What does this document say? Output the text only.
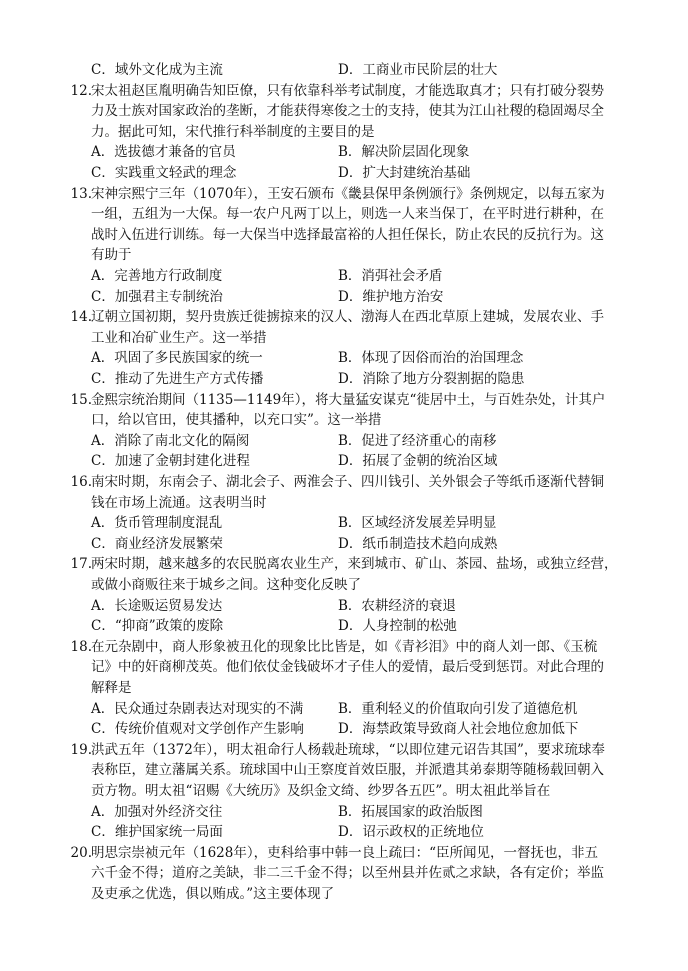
C．域外文化成为主流	D．工商业市民阶层的壮大
12. 宋太祖赵匡胤明确告知臣僚，只有依靠科举考试制度，才能选取真才；只有打破分裂势
力及士族对国家政治的垄断，才能获得寒俊之士的支持，使其为江山社稷的稳固竭尽全
力。据此可知，宋代推行科举制度的主要目的是
A．选拔德才兼备的官员	B．解决阶层固化现象
C．实践重文轻武的理念	D．扩大封建统治基础
13. 宋神宗熙宁三年（1070年），王安石颁布《畿县保甲条例颁行》条例规定，以每五家为
一组，五组为一大保。每一农户凡两丁以上，则选一人来当保丁，在平时进行耕种，在
战时入伍进行训练。每一大保当中选择最富裕的人担任保长，防止农民的反抗行为。这
有助于
A．完善地方行政制度	B．消弭社会矛盾
C．加强君主专制统治	D．维护地方治安
14. 辽朝立国初期，契丹贵族迁徙掳掠来的汉人、渤海人在西北草原上建城，发展农业、手
工业和冶矿业生产。这一举措
A．巩固了多民族国家的统一	B．体现了因俗而治的治国理念
C．推动了先进生产方式传播	D．消除了地方分裂割据的隐患
15. 金熙宗统治期间（1135—1149年），将大量猛安谋克“徙居中土，与百姓杂处，计其户
口，给以官田，使其播种，以充口实”。这一举措
A．消除了南北文化的隔阂	B．促进了经济重心的南移
C．加速了金朝封建化进程	D．拓展了金朝的统治区域
16. 南宋时期，东南会子、湖北会子、两淮会子、四川钱引、关外银会子等纸币逐渐代替铜
钱在市场上流通。这表明当时
A．货币管理制度混乱	B．区域经济发展差异明显
C．商业经济发展繁荣	D．纸币制造技术趋向成熟
17. 两宋时期，越来越多的农民脱离农业生产，来到城市、矿山、茶园、盐场，或独立经营，
或做小商贩往来于城乡之间。这种变化反映了
A．长途贩运贸易发达	B．农耕经济的衰退
C．“抑商”政策的废除	D．人身控制的松弛
18. 在元杂剧中，商人形象被丑化的现象比比皆是，如《青衫泪》中的商人刘一郎、《玉梳
记》中的奸商柳茂英。他们依仗金钱破坏才子佳人的爱情，最后受到惩罚。对此合理的
解释是
A．民众通过杂剧表达对现实的不满	B．重利轻义的价值取向引发了道德危机
C．传统价值观对文学创作产生影响	D．海禁政策导致商人社会地位愈加低下
19. 洪武五年（1372年），明太祖命行人杨载赴琉球，“以即位建元诏告其国”，要求琉球奉
表称臣，建立藩属关系。琉球国中山王察度首效臣服，并派遣其弟泰期等随杨载回朝入
贡方物。明太祖“诏赐《大统历》及织金文绮、纱罗各五匹”。明太祖此举旨在
A．加强对外经济交往	B．拓展国家的政治版图
C．维护国家统一局面	D．诏示政权的正统地位
20. 明思宗崇祯元年（1628年），吏科给事中韩一良上疏曰：“臣所闻见，一督抚也，非五
六千金不得；道府之美缺，非二三千金不得；以至州县并佐贰之求缺，各有定价；举监
及吏承之优选，俱以贿成。”这主要体现了
